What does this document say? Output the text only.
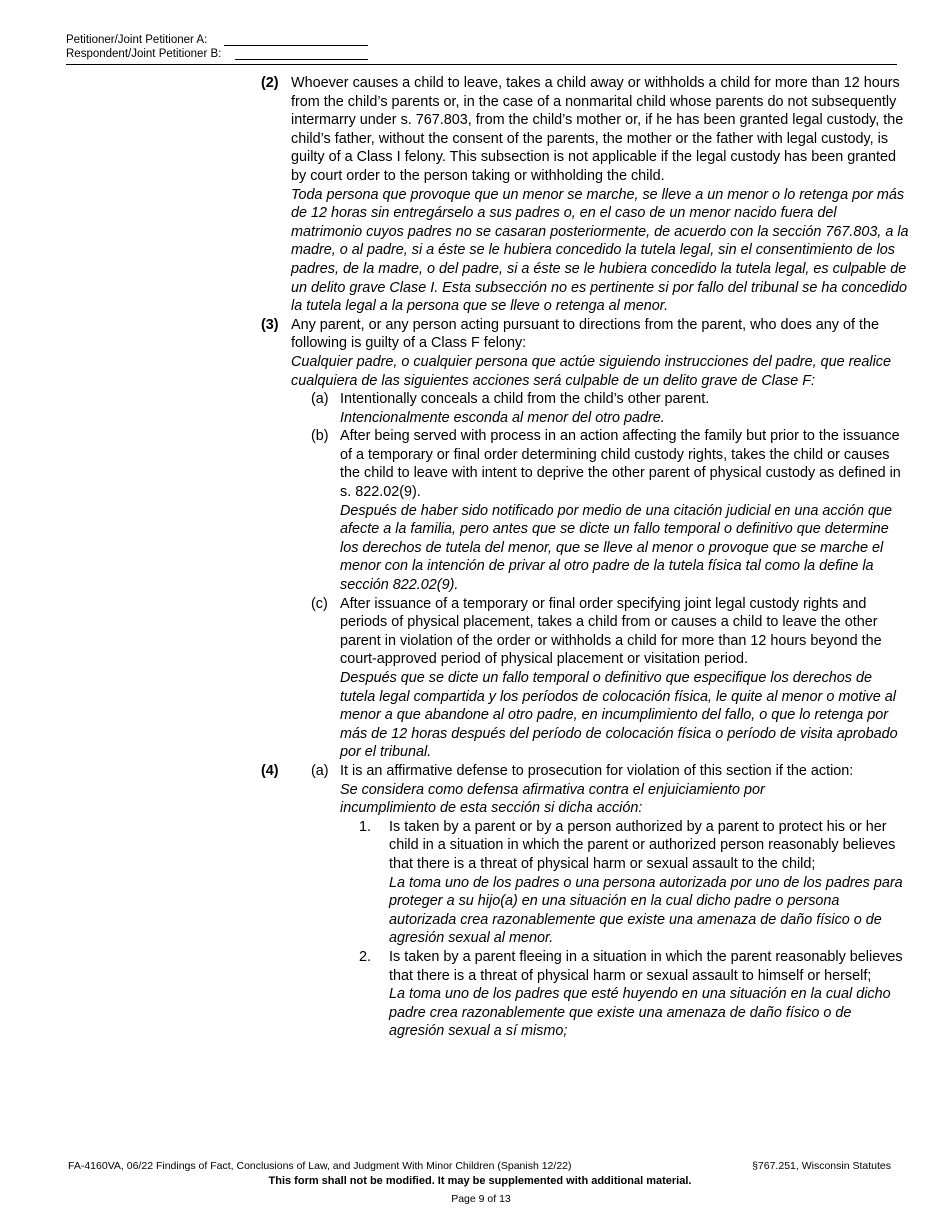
Petitioner/Joint Petitioner A:
Respondent/Joint Petitioner B:
(2) Whoever causes a child to leave, takes a child away or withholds a child for more than 12 hours from the child’s parents or, in the case of a nonmarital child whose parents do not subsequently intermarry under s. 767.803, from the child’s mother or, if he has been granted legal custody, the child’s father, without the consent of the parents, the mother or the father with legal custody, is guilty of a Class I felony. This subsection is not applicable if the legal custody has been granted by court order to the person taking or withholding the child.
Toda persona que provoque que un menor se marche, se lleve a un menor o lo retenga por más de 12 horas sin entregárselo a sus padres o, en el caso de un menor nacido fuera del matrimonio cuyos padres no se casaran posteriormente, de acuerdo con la sección 767.803, a la madre, o al padre, si a éste se le hubiera concedido la tutela legal, sin el consentimiento de los padres, de la madre, o del padre, si a éste se le hubiera concedido la tutela legal, es culpable de un delito grave Clase I. Esta subsección no es pertinente si por fallo del tribunal se ha concedido la tutela legal a la persona que se lleve o retenga al menor.
(3) Any parent, or any person acting pursuant to directions from the parent, who does any of the following is guilty of a Class F felony:
Cualquier padre, o cualquier persona que actúe siguiendo instrucciones del padre, que realice cualquiera de las siguientes acciones será culpable de un delito grave de Clase F:
(a) Intentionally conceals a child from the child’s other parent.
Intencionalmente esconda al menor del otro padre.
(b) After being served with process in an action affecting the family but prior to the issuance of a temporary or final order determining child custody rights, takes the child or causes the child to leave with intent to deprive the other parent of physical custody as defined in s. 822.02(9).
Después de haber sido notificado por medio de una citación judicial en una acción que afecte a la familia, pero antes que se dicte un fallo temporal o definitivo que determine los derechos de tutela del menor, que se lleve al menor o provoque que se marche el menor con la intención de privar al otro padre de la tutela física tal como la define la sección 822.02(9).
(c) After issuance of a temporary or final order specifying joint legal custody rights and periods of physical placement, takes a child from or causes a child to leave the other parent in violation of the order or withholds a child for more than 12 hours beyond the court-approved period of physical placement or visitation period.
Después que se dicte un fallo temporal o definitivo que especifique los derechos de tutela legal compartida y los períodos de colocación física, le quite al menor o motive al menor a que abandone al otro padre, en incumplimiento del fallo, o que lo retenga por más de 12 horas después del período de colocación física o período de visita aprobado por el tribunal.
(4) (a) It is an affirmative defense to prosecution for violation of this section if the action:
Se considera como defensa afirmativa contra el enjuiciamiento por incumplimiento de esta sección si dicha acción:
1. Is taken by a parent or by a person authorized by a parent to protect his or her child in a situation in which the parent or authorized person reasonably believes that there is a threat of physical harm or sexual assault to the child;
La toma uno de los padres o una persona autorizada por uno de los padres para proteger a su hijo(a) en una situación en la cual dicho padre o persona autorizada crea razonablemente que existe una amenaza de daño físico o de agresión sexual al menor.
2. Is taken by a parent fleeing in a situation in which the parent reasonably believes that there is a threat of physical harm or sexual assault to himself or herself;
La toma uno de los padres que esté huyendo en una situación en la cual dicho padre crea razonablemente que existe una amenaza de daño físico o de agresión sexual a sí mismo;
FA-4160VA, 06/22 Findings of Fact, Conclusions of Law, and Judgment With Minor Children (Spanish 12/22)	§767.251, Wisconsin Statutes
This form shall not be modified. It may be supplemented with additional material.
Page 9 of 13
